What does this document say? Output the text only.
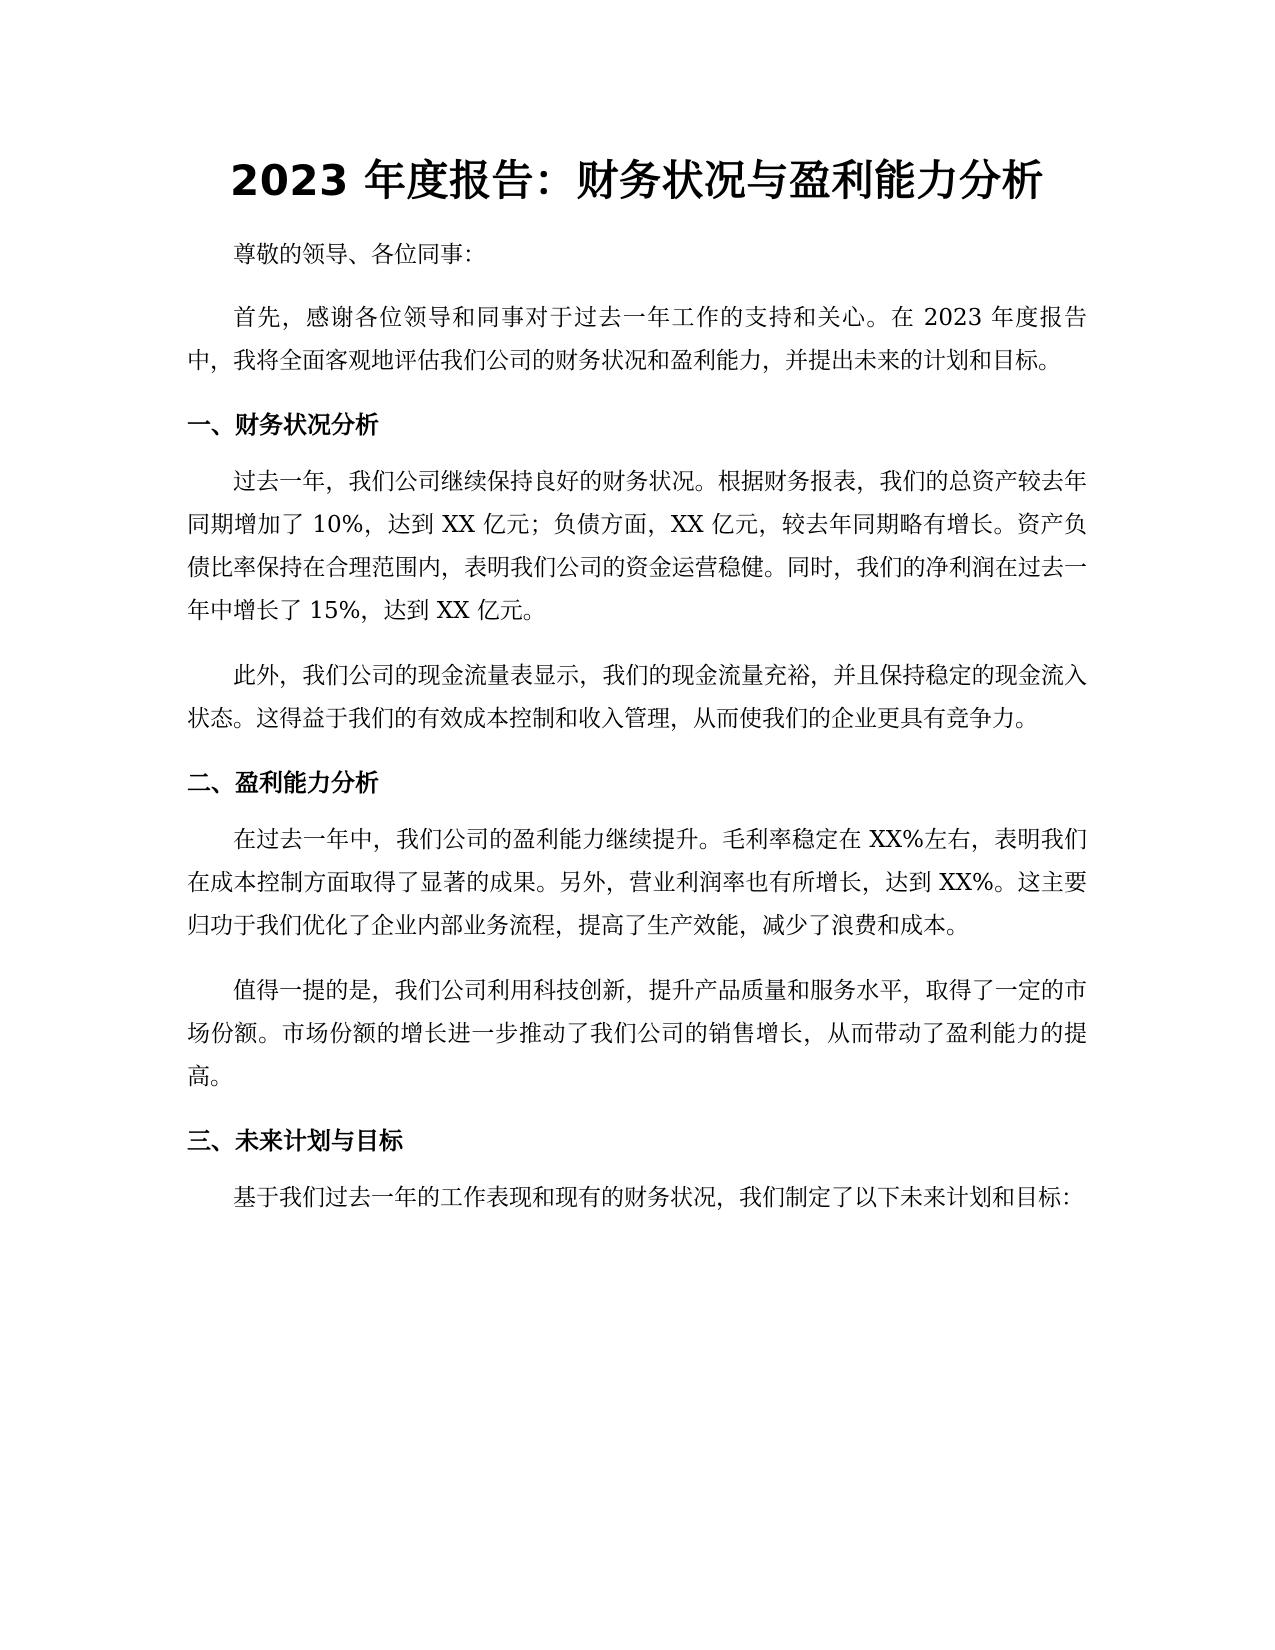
2023 年度报告：财务状况与盈利能力分析

尊敬的领导、各位同事：

首先，感谢各位领导和同事对于过去一年工作的支持和关心。在 2023 年度报告中，我将全面客观地评估我们公司的财务状况和盈利能力，并提出未来的计划和目标。

一、财务状况分析

过去一年，我们公司继续保持良好的财务状况。根据财务报表，我们的总资产较去年同期增加了 10%，达到 XX 亿元；负债方面，XX 亿元，较去年同期略有增长。资产负债比率保持在合理范围内，表明我们公司的资金运营稳健。同时，我们的净利润在过去一年中增长了 15%，达到 XX 亿元。

此外，我们公司的现金流量表显示，我们的现金流量充裕，并且保持稳定的现金流入状态。这得益于我们的有效成本控制和收入管理，从而使我们的企业更具有竞争力。

二、盈利能力分析

在过去一年中，我们公司的盈利能力继续提升。毛利率稳定在 XX%左右，表明我们在成本控制方面取得了显著的成果。另外，营业利润率也有所增长，达到 XX%。这主要归功于我们优化了企业内部业务流程，提高了生产效能，减少了浪费和成本。

值得一提的是，我们公司利用科技创新，提升产品质量和服务水平，取得了一定的市场份额。市场份额的增长进一步推动了我们公司的销售增长，从而带动了盈利能力的提高。

三、未来计划与目标

基于我们过去一年的工作表现和现有的财务状况，我们制定了以下未来计划和目标：
